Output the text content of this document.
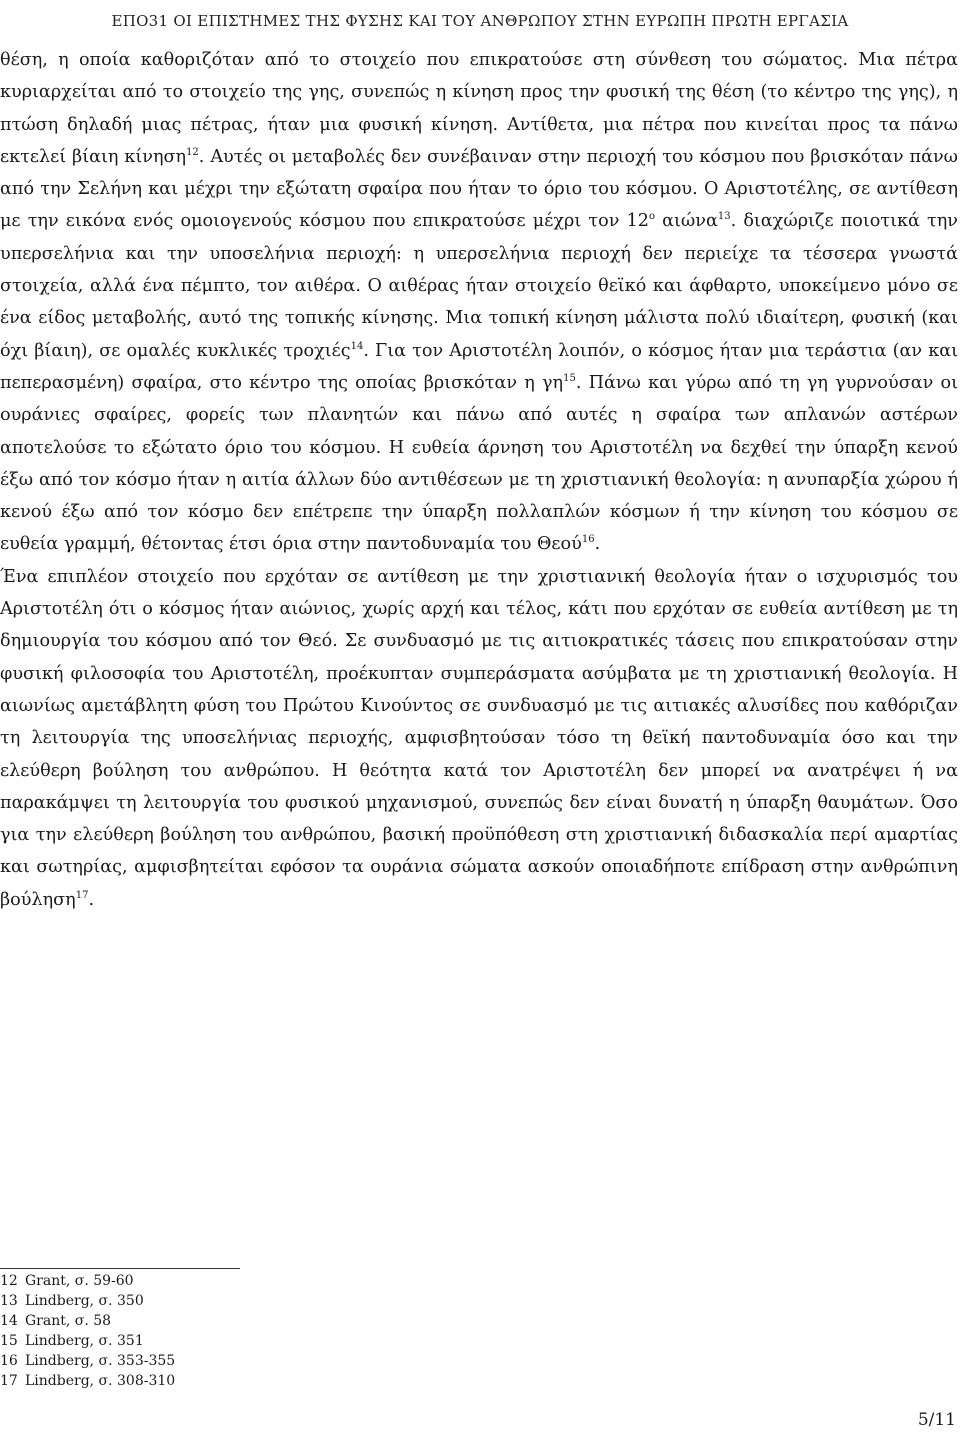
ΕΠΟ31 ΟΙ ΕΠΙΣΤΗΜΕΣ ΤΗΣ ΦΥΣΗΣ ΚΑΙ ΤΟΥ ΑΝΘΡΩΠΟΥ ΣΤΗΝ ΕΥΡΩΠΗ ΠΡΩΤΗ ΕΡΓΑΣΙΑ

θέση, η οποία καθοριζόταν από το στοιχείο που επικρατούσε στη σύνθεση του σώματος. Μια πέτρα κυριαρχείται από το στοιχείο της γης, συνεπώς η κίνηση προς την φυσική της θέση (το κέντρο της γης), η πτώση δηλαδή μιας πέτρας, ήταν μια φυσική κίνηση. Αντίθετα, μια πέτρα που κινείται προς τα πάνω εκτελεί βίαιη κίνηση$^{12}$. Αυτές οι μεταβολές δεν συνέβαιναν στην περιοχή του κόσμου που βρισκόταν πάνω από την Σελήνη και μέχρι την εξώτατη σφαίρα που ήταν το όριο του κόσμου. Ο Αριστοτέλης, σε αντίθεση με την εικόνα ενός ομοιογενούς κόσμου που επικρατούσε μέχρι τον $12^o$ αιώνα$^{13}$. διαχώριζε ποιοτικά την υπερσελήνια και την υποσελήνια περιοχή: η υπερσελήνια περιοχή δεν περιείχε τα τέσσερα γνωστά στοιχεία, αλλά ένα πέμπτο, τον αιθέρα. Ο αιθέρας ήταν στοιχείο θεϊκό και άφθαρτο, υποκείμενο μόνο σε ένα είδος μεταβολής, αυτό της τοπικής κίνησης. Μια τοπική κίνηση μάλιστα πολύ ιδιαίτερη, φυσική (και όχι βίαιη), σε ομαλές κυκλικές τροχιές$^{14}$. Για τον Αριστοτέλη λοιπόν, ο κόσμος ήταν μια τεράστια (αν και πεπερασμένη) σφαίρα, στο κέντρο της οποίας βρισκόταν η $\gamma\eta^{15}$. Πάνω και γύρω από τη γη γυρνούσαν οι ουράνιες σφαίρες, φορείς των πλανητών και πάνω από αυτές η σφαίρα των απλανών αστέρων αποτελούσε το εξώτατο όριο του κόσμου. Η ευθεία άρνηση του Αριστοτέλη να δεχθεί την ύπαρξη κενού έξω από τον κόσμο ήταν η αιτία άλλων δύο αντιθέσεων με τη χριστιανική θεολογία: η ανυπαρξία χώρου ή κενού έξω από τον κόσμο δεν επέτρεπε την ύπαρξη πολλαπλών κόσμων ή την κίνηση του κόσμου σε ευθεία γραμμή, θέτοντας έτσι όρια στην παντοδυναμία του Θεού$^{16}$.

Ένα επιπλέον στοιχείο που ερχόταν σε αντίθεση με την χριστιανική θεολογία ήταν ο ισχυρισμός του Αριστοτέλη ότι ο κόσμος ήταν αιώνιος, χωρίς αρχή και τέλος, κάτι που ερχόταν σε ευθεία αντίθεση με τη δημιουργία του κόσμου από τον Θεό. Σε συνδυασμό με τις αιτιοκρατικές τάσεις που επικρατούσαν στην φυσική φιλοσοφία του Αριστοτέλη, προέκυπταν συμπεράσματα ασύμβατα με τη χριστιανική θεολογία. Η αιωνίως αμετάβλητη φύση του Πρώτου Κινούντος σε συνδυασμό με τις αιτιακές αλυσίδες που καθόριζαν τη λειτουργία της υποσελήνιας περιοχής, αμφισβητούσαν τόσο τη θεϊκή παντοδυναμία όσο και την ελεύθερη βούληση του ανθρώπου. Η θεότητα κατά τον Αριστοτέλη δεν μπορεί να ανατρέψει ή να παρακάμψει τη λειτουργία του φυσικού μηχανισμού, συνεπώς δεν είναι δυνατή η ύπαρξη θαυμάτων. Όσο για την ελεύθερη βούληση του ανθρώπου, βασική προϋπόθεση στη χριστιανική διδασκαλία περί αμαρτίας και σωτηρίας, αμφισβητείται εφόσον τα ουράνια σώματα ασκούν οποιαδήποτε επίδραση στην ανθρώπινη βούληση$^{17}$.

12 Grant, σ. 59-60
13 Lindberg, σ. 350
14 Grant, σ. 58
15 Lindberg, σ. 351
16 Lindberg, σ. 353-355
17 Lindberg, σ. 308-310
5/11
